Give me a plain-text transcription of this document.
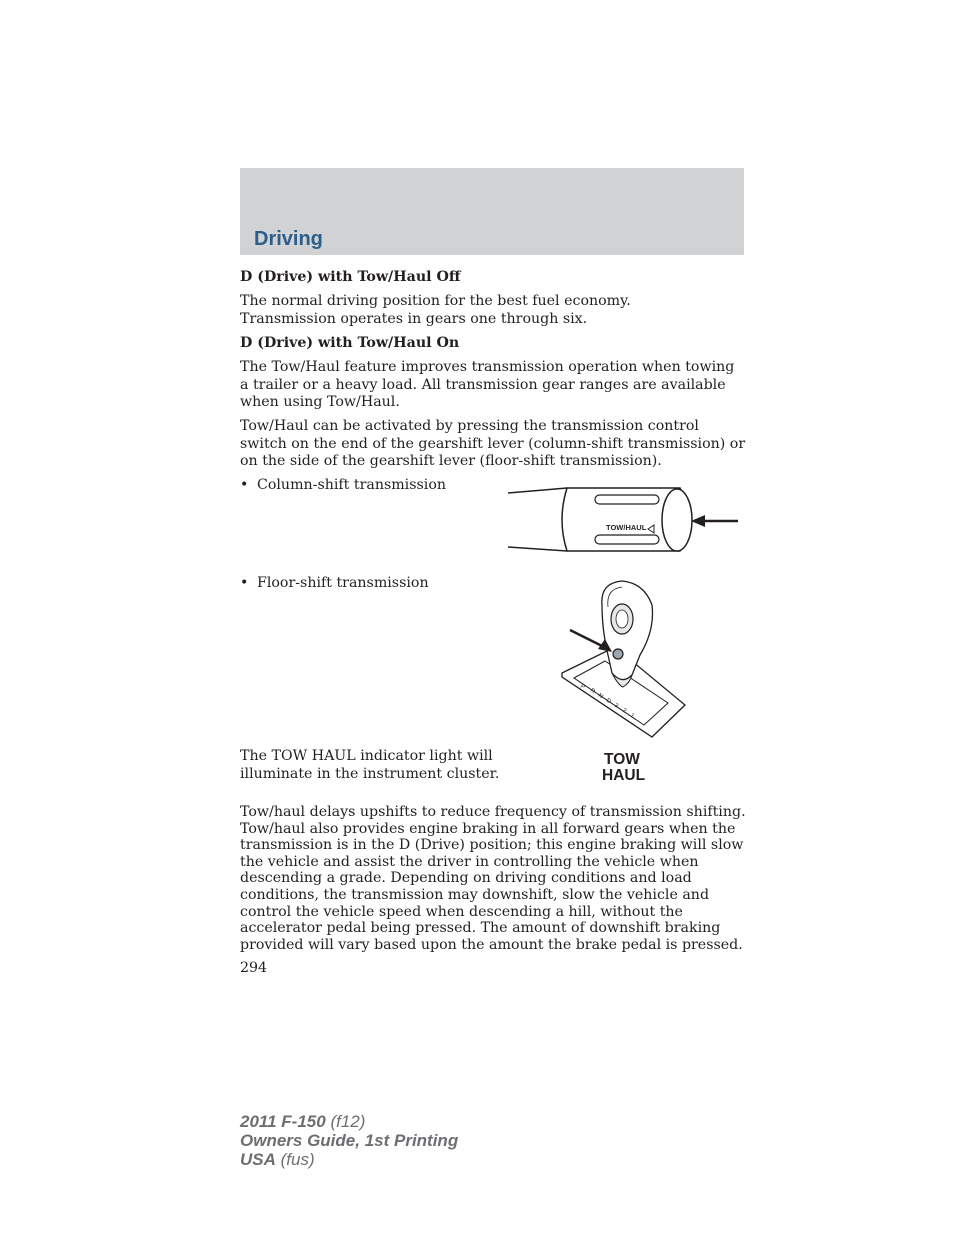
Driving
D (Drive) with Tow/Haul Off
The normal driving position for the best fuel economy. Transmission operates in gears one through six.
D (Drive) with Tow/Haul On
The Tow/Haul feature improves transmission operation when towing a trailer or a heavy load. All transmission gear ranges are available when using Tow/Haul.
Tow/Haul can be activated by pressing the transmission control switch on the end of the gearshift lever (column-shift transmission) or on the side of the gearshift lever (floor-shift transmission).
• Column-shift transmission
TOW/HAUL
• Floor-shift transmission
P
R
N
D
3
2
1
The TOW HAUL indicator light will illuminate in the instrument cluster.
TOW
HAUL
Tow/haul delays upshifts to reduce frequency of transmission shifting. Tow/haul also provides engine braking in all forward gears when the transmission is in the D (Drive) position; this engine braking will slow the vehicle and assist the driver in controlling the vehicle when descending a grade. Depending on driving conditions and load conditions, the transmission may downshift, slow the vehicle and control the vehicle speed when descending a hill, without the accelerator pedal being pressed. The amount of downshift braking provided will vary based upon the amount the brake pedal is pressed.
294
2011 F-150 (f12)
Owners Guide, 1st Printing
USA (fus)
